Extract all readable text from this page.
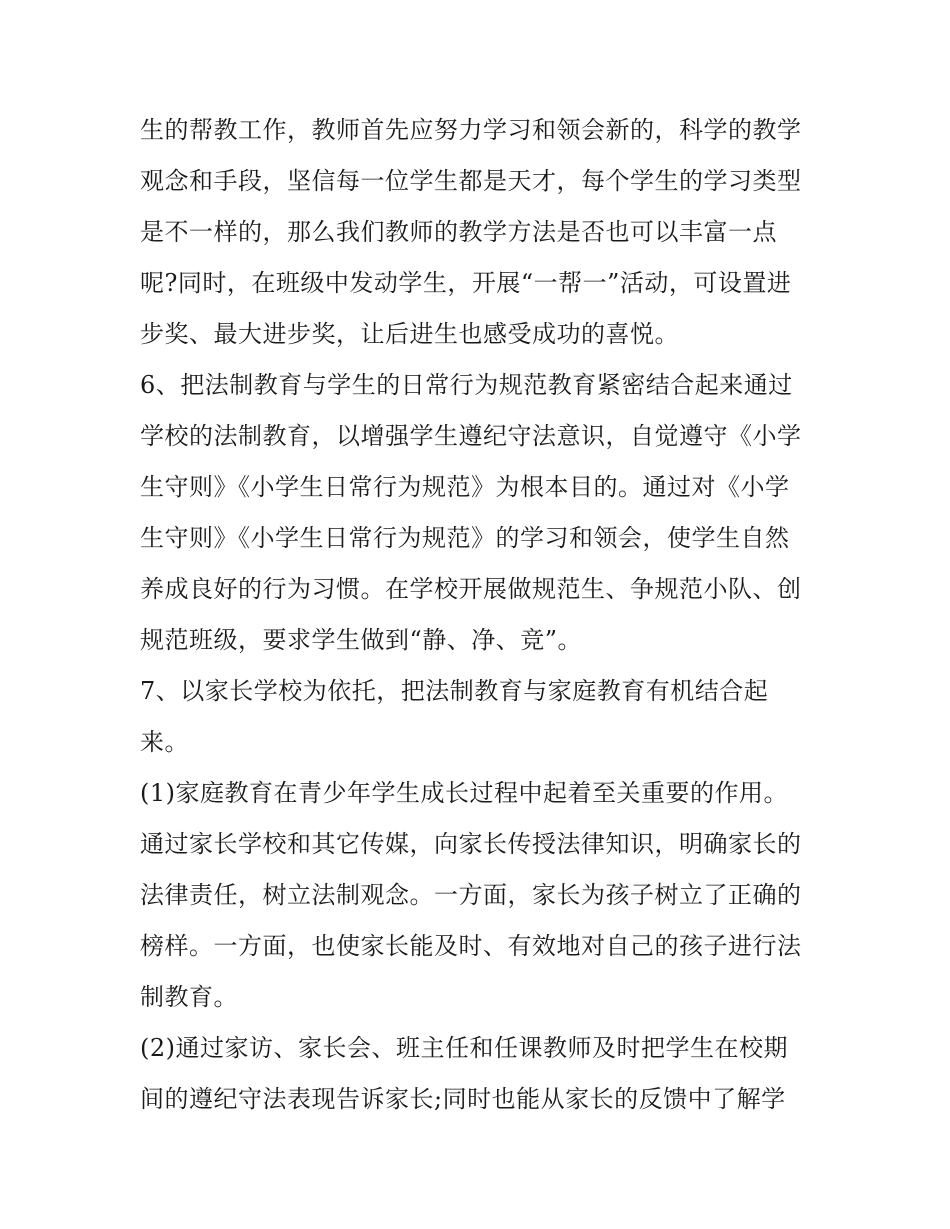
生的帮教工作，教师首先应努力学习和领会新的，科学的教学
观念和手段，坚信每一位学生都是天才，每个学生的学习类型
是不一样的，那么我们教师的教学方法是否也可以丰富一点
呢?同时，在班级中发动学生，开展“一帮一”活动，可设置进
步奖、最大进步奖，让后进生也感受成功的喜悦。
6、把法制教育与学生的日常行为规范教育紧密结合起来通过
学校的法制教育，以增强学生遵纪守法意识，自觉遵守《小学
生守则》《小学生日常行为规范》为根本目的。通过对《小学
生守则》《小学生日常行为规范》的学习和领会，使学生自然
养成良好的行为习惯。在学校开展做规范生、争规范小队、创
规范班级，要求学生做到“静、净、竞”。
7、以家长学校为依托，把法制教育与家庭教育有机结合起
来。
(1)家庭教育在青少年学生成长过程中起着至关重要的作用。
通过家长学校和其它传媒，向家长传授法律知识，明确家长的
法律责任，树立法制观念。一方面，家长为孩子树立了正确的
榜样。一方面，也使家长能及时、有效地对自己的孩子进行法
制教育。
(2)通过家访、家长会、班主任和任课教师及时把学生在校期
间的遵纪守法表现告诉家长;同时也能从家长的反馈中了解学
